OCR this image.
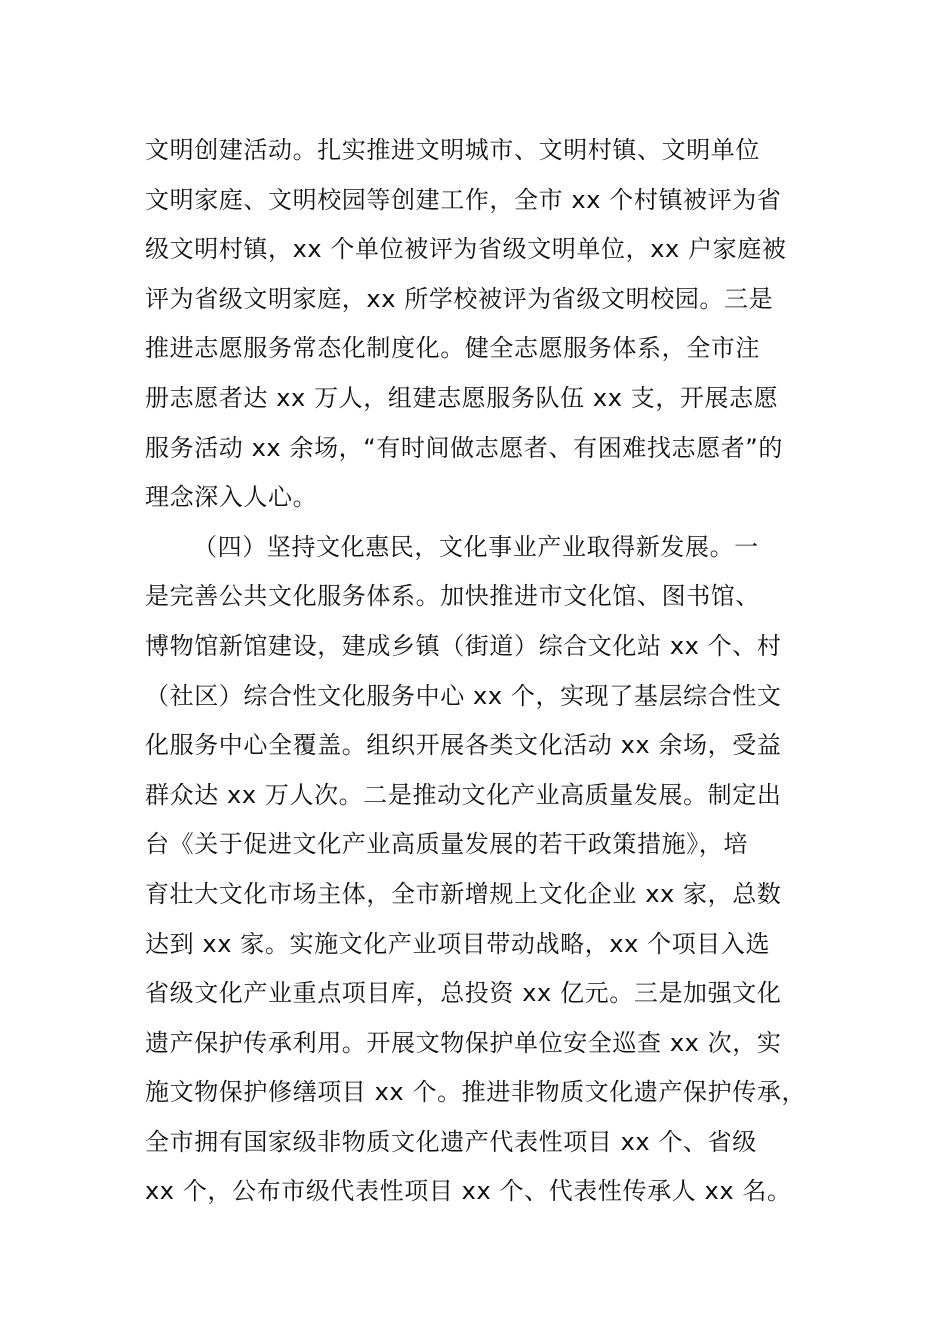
文明创建活动。扎实推进文明城市、文明村镇、文明单位
文明家庭、文明校园等创建工作，全市 xx 个村镇被评为省
级文明村镇，xx 个单位被评为省级文明单位，xx 户家庭被
评为省级文明家庭，xx 所学校被评为省级文明校园。三是
推进志愿服务常态化制度化。健全志愿服务体系，全市注
册志愿者达 xx 万人，组建志愿服务队伍 xx 支，开展志愿
服务活动 xx 余场，“有时间做志愿者、有困难找志愿者”的
理念深入人心。
（四）坚持文化惠民，文化事业产业取得新发展。一
是完善公共文化服务体系。加快推进市文化馆、图书馆、
博物馆新馆建设，建成乡镇（街道）综合文化站 xx 个、村
（社区）综合性文化服务中心 xx 个，实现了基层综合性文
化服务中心全覆盖。组织开展各类文化活动 xx 余场，受益
群众达 xx 万人次。二是推动文化产业高质量发展。制定出
台《关于促进文化产业高质量发展的若干政策措施》，培
育壮大文化市场主体，全市新增规上文化企业 xx 家，总数
达到 xx 家。实施文化产业项目带动战略，xx 个项目入选
省级文化产业重点项目库，总投资 xx 亿元。三是加强文化
遗产保护传承利用。开展文物保护单位安全巡查 xx 次，实
施文物保护修缮项目 xx 个。推进非物质文化遗产保护传承，
全市拥有国家级非物质文化遗产代表性项目 xx 个、省级
xx 个，公布市级代表性项目 xx 个、代表性传承人 xx 名。
